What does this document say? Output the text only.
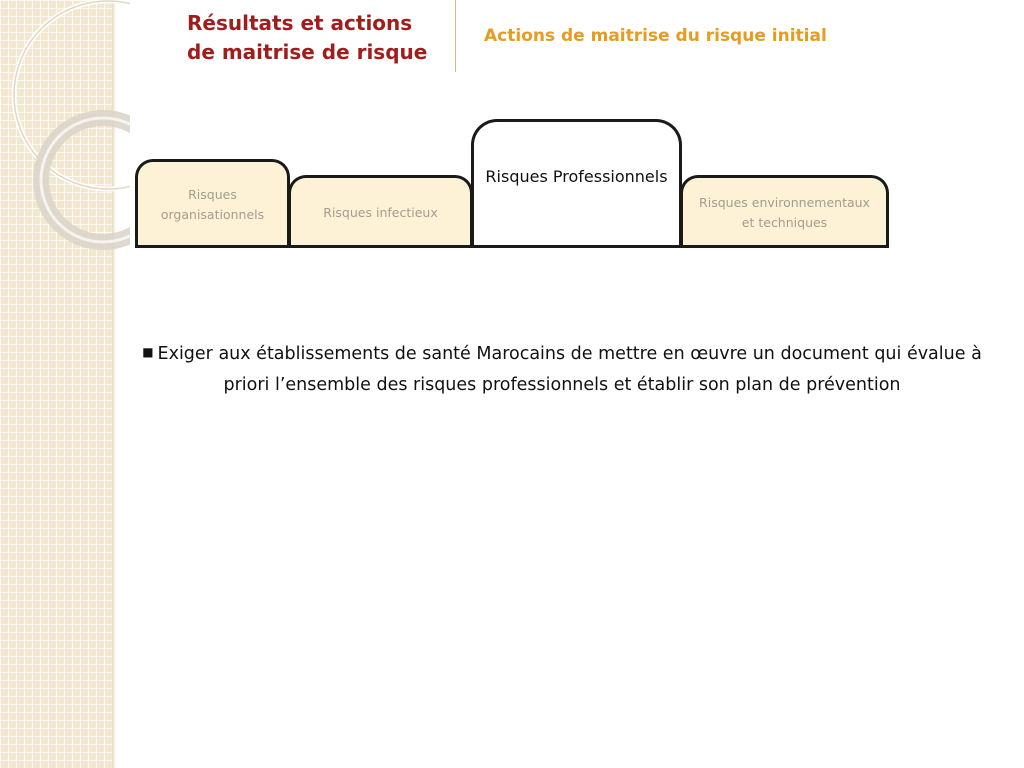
Résultats et actions
de maitrise de risque
Actions de maitrise du risque initial
Risques organisationnels	Risques infectieux
Risques environnementaux et techniques
Risques Professionnels

■ Exiger aux établissements de santé Marocains de mettre en œuvre un document qui évalue à priori l’ensemble des risques professionnels et établir son plan de prévention
